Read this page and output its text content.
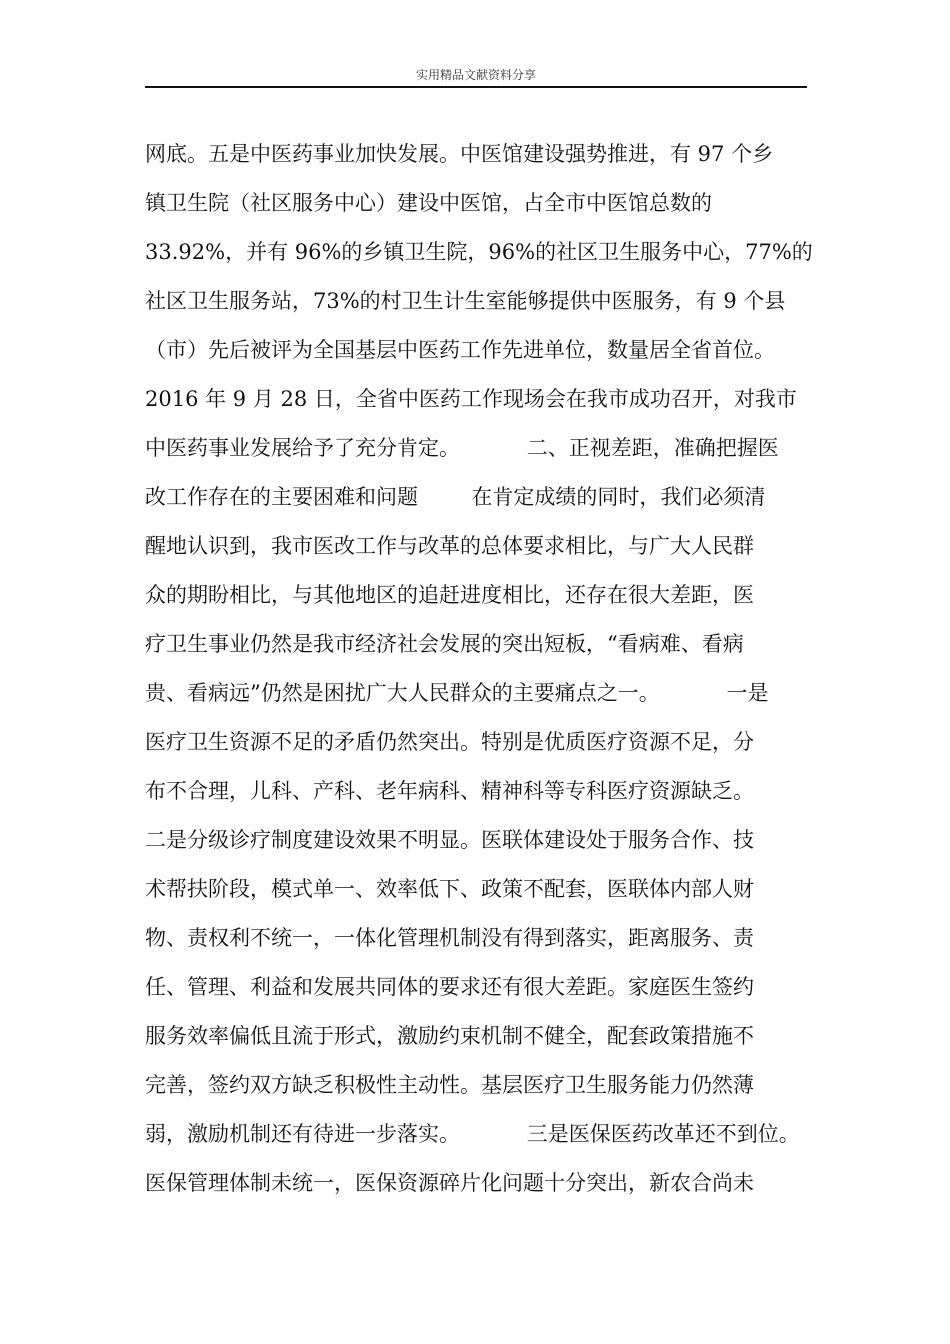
实用精品文献资料分享
网底。五是中医药事业加快发展。中医馆建设强势推进，有 97 个乡
镇卫生院（社区服务中心）建设中医馆，占全市中医馆总数的
33.92%，并有 96%的乡镇卫生院，96%的社区卫生服务中心，77%的
社区卫生服务站，73%的村卫生计生室能够提供中医服务，有 9 个县
（市）先后被评为全国基层中医药工作先进单位，数量居全省首位。
2016 年 9 月 28 日，全省中医药工作现场会在我市成功召开，对我市
中医药事业发展给予了充分肯定。          二、正视差距，准确把握医
改工作存在的主要困难和问题        在肯定成绩的同时，我们必须清
醒地认识到，我市医改工作与改革的总体要求相比，与广大人民群
众的期盼相比，与其他地区的追赶进度相比，还存在很大差距，医
疗卫生事业仍然是我市经济社会发展的突出短板，“看病难、看病
贵、看病远”仍然是困扰广大人民群众的主要痛点之一。          一是
医疗卫生资源不足的矛盾仍然突出。特别是优质医疗资源不足，分
布不合理，儿科、产科、老年病科、精神科等专科医疗资源缺乏。
二是分级诊疗制度建设效果不明显。医联体建设处于服务合作、技
术帮扶阶段，模式单一、效率低下、政策不配套，医联体内部人财
物、责权利不统一，一体化管理机制没有得到落实，距离服务、责
任、管理、利益和发展共同体的要求还有很大差距。家庭医生签约
服务效率偏低且流于形式，激励约束机制不健全，配套政策措施不
完善，签约双方缺乏积极性主动性。基层医疗卫生服务能力仍然薄
弱，激励机制还有待进一步落实。          三是医保医药改革还不到位。
医保管理体制未统一，医保资源碎片化问题十分突出，新农合尚未
